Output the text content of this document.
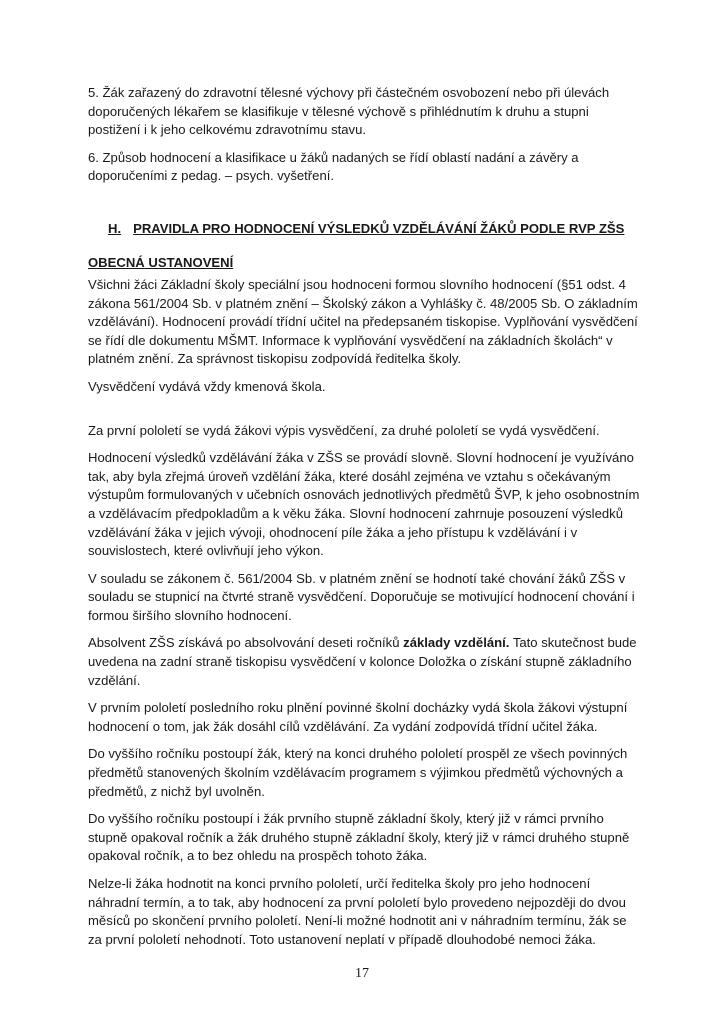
5. Žák zařazený do zdravotní tělesné výchovy při částečném osvobození nebo při úlevách doporučených lékařem se klasifikuje v tělesné výchově s přihlédnutím k druhu a stupni postižení i k jeho celkovému zdravotnímu stavu.

6. Způsob hodnocení a klasifikace u žáků nadaných se řídí oblastí nadání a závěry a doporučeními z pedag. – psych. vyšetření.

H. PRAVIDLA PRO HODNOCENÍ VÝSLEDKŮ VZDĚLÁVÁNÍ ŽÁKŮ PODLE RVP ZŠS
OBECNÁ USTANOVENÍ

Všichni žáci Základní školy speciální jsou hodnoceni formou slovního hodnocení (§51 odst. 4 zákona 561/2004 Sb. v platném znění – Školský zákon a Vyhlášky č. 48/2005 Sb. O základním vzdělávání). Hodnocení provádí třídní učitel na předepsaném tiskopise. Vyplňování vysvědčení se řídí dle dokumentu MŠMT. Informace k vyplňování vysvědčení na základních školách“ v platném znění. Za správnost tiskopisu zodpovídá ředitelka školy.

Vysvědčení vydává vždy kmenová škola.

Za první pololetí se vydá žákovi výpis vysvědčení, za druhé pololetí se vydá vysvědčení.

Hodnocení výsledků vzdělávání žáka v ZŠS se provádí slovně. Slovní hodnocení je využíváno tak, aby byla zřejmá úroveň vzdělání žáka, které dosáhl zejména ve vztahu s očekávaným výstupům formulovaných v učebních osnovách jednotlivých předmětů ŠVP, k jeho osobnostním a vzdělávacím předpokladům a k věku žáka. Slovní hodnocení zahrnuje posouzení výsledků vzdělávání žáka v jejich vývoji, ohodnocení píle žáka a jeho přístupu k vzdělávání i v souvislostech, které ovlivňují jeho výkon.

V souladu se zákonem č. 561/2004 Sb. v platném znění se hodnotí také chování žáků ZŠS v souladu se stupnicí na čtvrté straně vysvědčení. Doporučuje se motivující hodnocení chování i formou širšího slovního hodnocení.

Absolvent ZŠS získává po absolvování deseti ročníků základy vzdělání. Tato skutečnost bude uvedena na zadní straně tiskopisu vysvědčení v kolonce Doložka o získání stupně základního vzdělání.

V prvním pololetí posledního roku plnění povinné školní docházky vydá škola žákovi výstupní hodnocení o tom, jak žák dosáhl cílů vzdělávání. Za vydání zodpovídá třídní učitel žáka.

Do vyššího ročníku postoupí žák, který na konci druhého pololetí prospěl ze všech povinných předmětů stanovených školním vzdělávacím programem s výjimkou předmětů výchovných a předmětů, z nichž byl uvolněn.

Do vyššího ročníku postoupí i žák prvního stupně základní školy, který již v rámci prvního stupně opakoval ročník a žák druhého stupně základní školy, který již v rámci druhého stupně opakoval ročník, a to bez ohledu na prospěch tohoto žáka.

Nelze-li žáka hodnotit na konci prvního pololetí, určí ředitelka školy pro jeho hodnocení náhradní termín, a to tak, aby hodnocení za první pololetí bylo provedeno nejpozději do dvou měsíců po skončení prvního pololetí. Není-li možné hodnotit ani v náhradním termínu, žák se za první pololetí nehodnotí. Toto ustanovení neplatí v případě dlouhodobé nemoci žáka.

17
